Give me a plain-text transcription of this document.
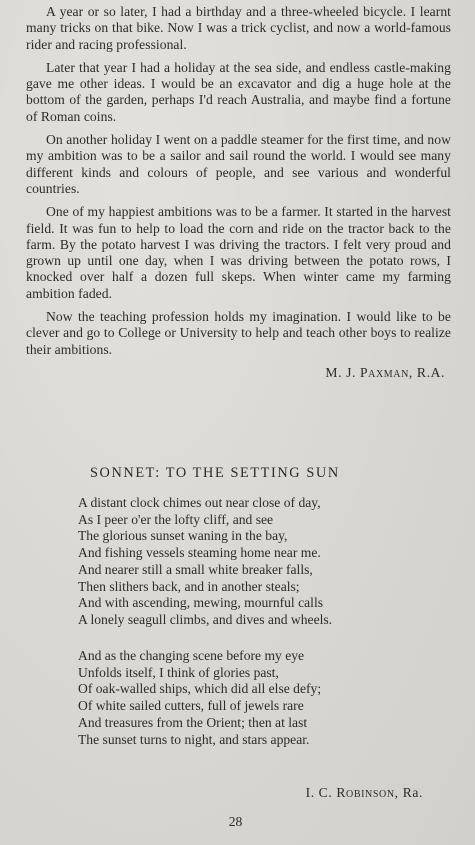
A year or so later, I had a birthday and a three-wheeled bicycle. I learnt many tricks on that bike. Now I was a trick cyclist, and now a world-famous rider and racing professional.

Later that year I had a holiday at the sea side, and endless castle-making gave me other ideas. I would be an excavator and dig a huge hole at the bottom of the garden, perhaps I'd reach Australia, and maybe find a fortune of Roman coins.

On another holiday I went on a paddle steamer for the first time, and now my ambition was to be a sailor and sail round the world. I would see many different kinds and colours of people, and see various and wonderful countries.

One of my happiest ambitions was to be a farmer. It started in the harvest field. It was fun to help to load the corn and ride on the tractor back to the farm. By the potato harvest I was driving the tractors. I felt very proud and grown up until one day, when I was driving between the potato rows, I knocked over half a dozen full skeps. When winter came my farming ambition faded.

Now the teaching profession holds my imagination. I would like to be clever and go to College or University to help and teach other boys to realize their ambitions.

M. J. Paxman, R.A.
SONNET: TO THE SETTING SUN
A distant clock chimes out near close of day,
As I peer o'er the lofty cliff, and see
The glorious sunset waning in the bay,
And fishing vessels steaming home near me.
And nearer still a small white breaker falls,
Then slithers back, and in another steals;
And with ascending, mewing, mournful calls
A lonely seagull climbs, and dives and wheels.
And as the changing scene before my eye
Unfolds itself, I think of glories past,
Of oak-walled ships, which did all else defy;
Of white sailed cutters, full of jewels rare
And treasures from the Orient; then at last
The sunset turns to night, and stars appear.
I. C. Robinson, Ra.
28
